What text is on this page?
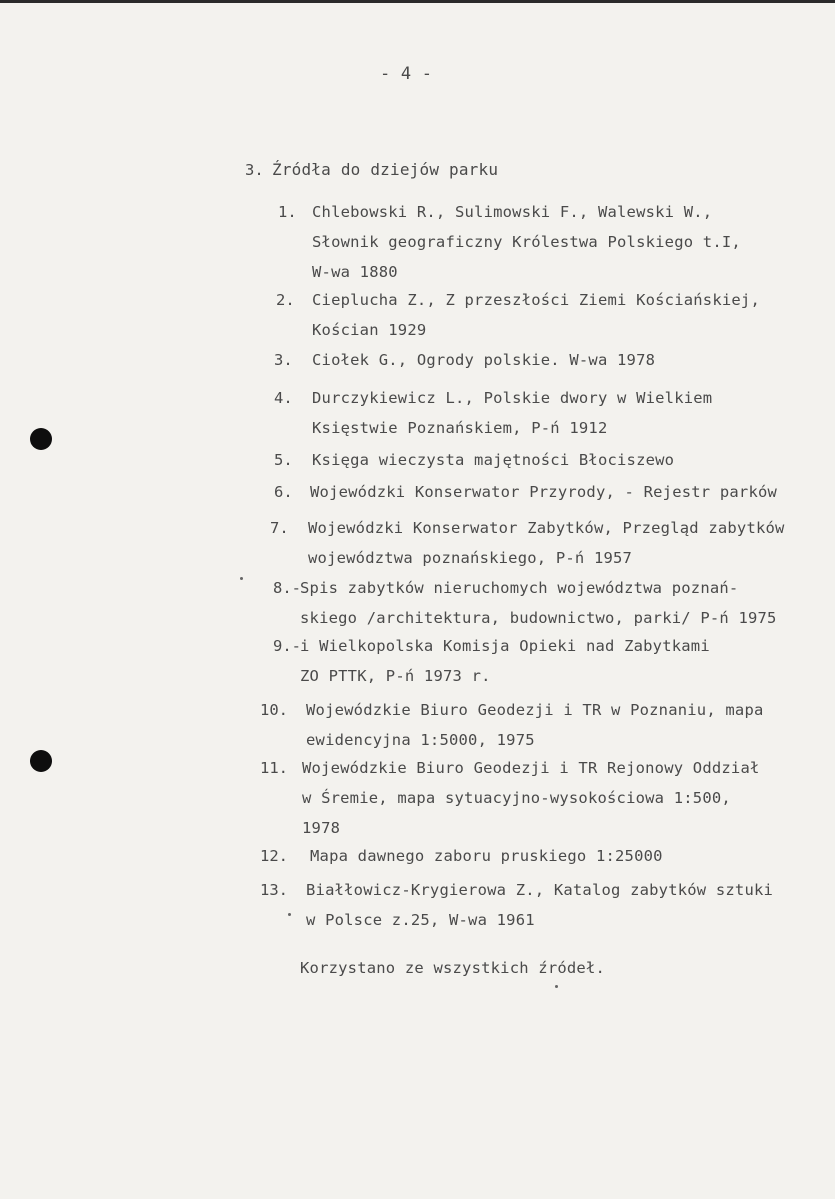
- 4 -
3. Źródła do dziejów parku
1. Chlebowski R., Sulimowski F., Walewski W.,
Słownik geograficzny Królestwa Polskiego t.I,
W-wa 1880
2. Cieplucha Z., Z przeszłości Ziemi Kościańskiej,
Kościan 1929
3. Ciołek G., Ogrody polskie. W-wa 1978
4. Durczykiewicz L., Polskie dwory w Wielkiem
Księstwie Poznańskiem, P-ń 1912
5. Księga wieczysta majętności Błociszewo
6. Wojewódzki Konserwator Przyrody, - Rejestr parków
7. Wojewódzki Konserwator Zabytków, Przegląd zabytków
województwa poznańskiego, P-ń 1957
8.- Spis zabytków nieruchomych województwa poznań-
skiego /architektura, budownictwo, parki/ P-ń 1975
9.- i Wielkopolska Komisja Opieki nad Zabytkami
ZO PTTK, P-ń 1973 r.
10. Wojewódzkie Biuro Geodezji i TR w Poznaniu, mapa
ewidencyjna 1:5000, 1975
11. Wojewódzkie Biuro Geodezji i TR Rejonowy Oddział
w Śremie, mapa sytuacyjno-wysokościowa 1:500,
1978
12. Mapa dawnego zaboru pruskiego 1:25000
13. Białłowicz-Krygierowa Z., Katalog zabytków sztuki
w Polsce z.25, W-wa 1961
Korzystano ze wszystkich źródeł.
